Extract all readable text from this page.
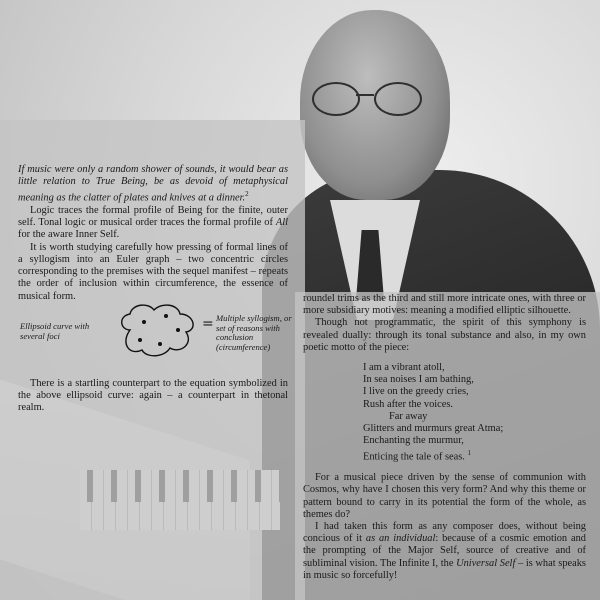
If music were only a random shower of sounds, it would bear as little relation to True Being, be as devoid of metaphysical meaning as the clatter of plates and knives at a dinner.$^2$

Logic traces the formal profile of Being for the finite, outer self. Tonal logic or musical order traces the formal profile of All for the aware Inner Self.

It is worth studying carefully how pressing of formal lines of a syllogism into an Euler graph – two concentric circles corresponding to the premises with the sequel manifest – repeats the order of inclusion within circumference, the essence of musical form.

Ellipsoid curve with several foci
= Multiple syllogism, or set of reasons with conclusion (circumference)

There is a startling counterpart to the equation symbolized in the above ellipsoid curve: again – a counterpart in thetonal realm.

roundel trims as the third and still more intricate ones, with three or more subsidiary motives: meaning a modified elliptic silhouette.

Though not programmatic, the spirit of this symphony is revealed dually: through its tonal substance and also, in my own poetic motto of the piece:

I am a vibrant atoll,
In sea noises I am bathing,
I live on the greedy cries,
Rush after the voices.
Far away
Glitters and murmurs great Atma;
Enchanting the murmur,
Enticing the tale of seas. $^1$

For a musical piece driven by the sense of communion with Cosmos, why have I chosen this very form? And why this theme or pattern bound to carry in its potential the form of the whole, as themes do?

I had taken this form as any composer does, without being concious of it as an individual: because of a cosmic emotion and the prompting of the Major Self, source of creative and of subliminal vision. The Infinite I, the Universal Self – is what speaks in music so forcefully!
